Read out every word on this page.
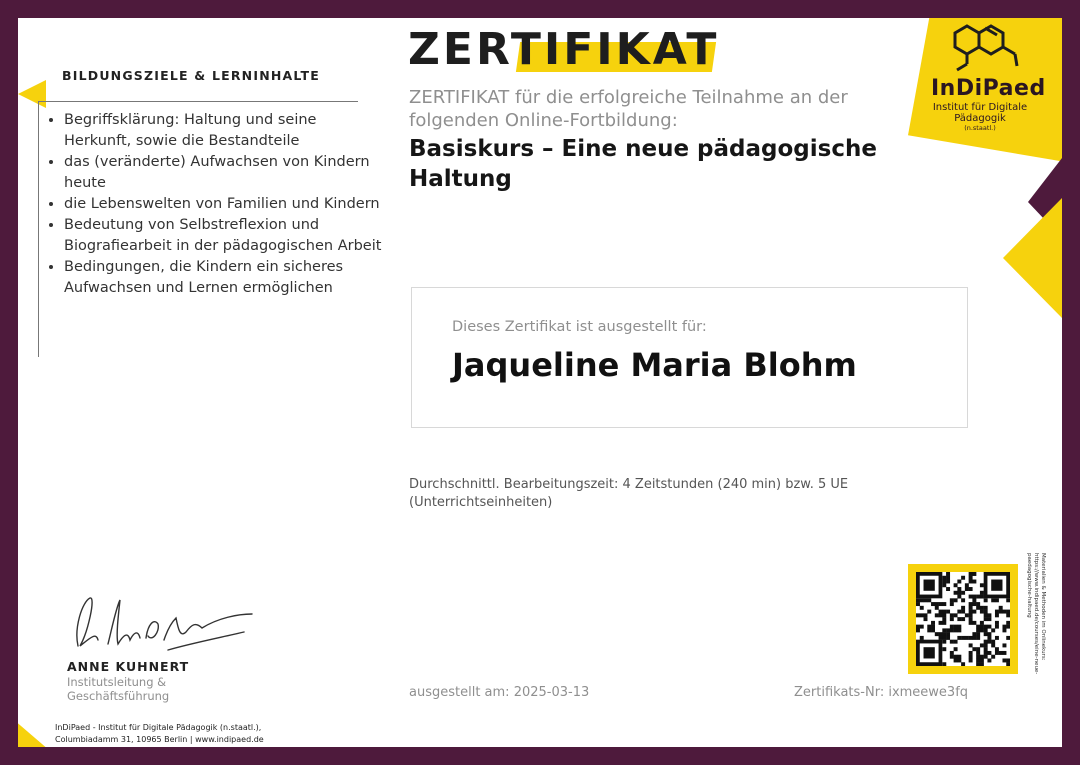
InDiPaed
Institut für Digitale Pädagogik
(n.staatl.)
ZERTIFIKAT
ZERTIFIKAT für die erfolgreiche Teilnahme an der folgenden Online-Fortbildung:
Basiskurs – Eine neue pädagogische Haltung
BILDUNGSZIELE & LERNINHALTE
• Begriffsklärung: Haltung und seine Herkunft, sowie die Bestandteile
• das (veränderte) Aufwachsen von Kindern heute
• die Lebenswelten von Familien und Kindern
• Bedeutung von Selbstreflexion und Biografiearbeit in der pädagogischen Arbeit
• Bedingungen, die Kindern ein sicheres Aufwachsen und Lernen ermöglichen
Dieses Zertifikat ist ausgestellt für:
Jaqueline Maria Blohm
Durchschnittl. Bearbeitungszeit: 4 Zeitstunden (240 min) bzw. 5 UE (Unterrichtseinheiten)
ANNE KUHNERT
Institutsleitung & Geschäftsführung
InDiPaed - Institut für Digitale Pädagogik (n.staatl.),
Columbiadamm 31, 10965 Berlin | www.indipaed.de
ausgestellt am: 2025-03-13	Zertifikats-Nr: ixmeewe3fq
Materialien & Methoden im Onlinekurs: https://www.indipaed.de/courses/eine-neue-paedagogische-haltung
